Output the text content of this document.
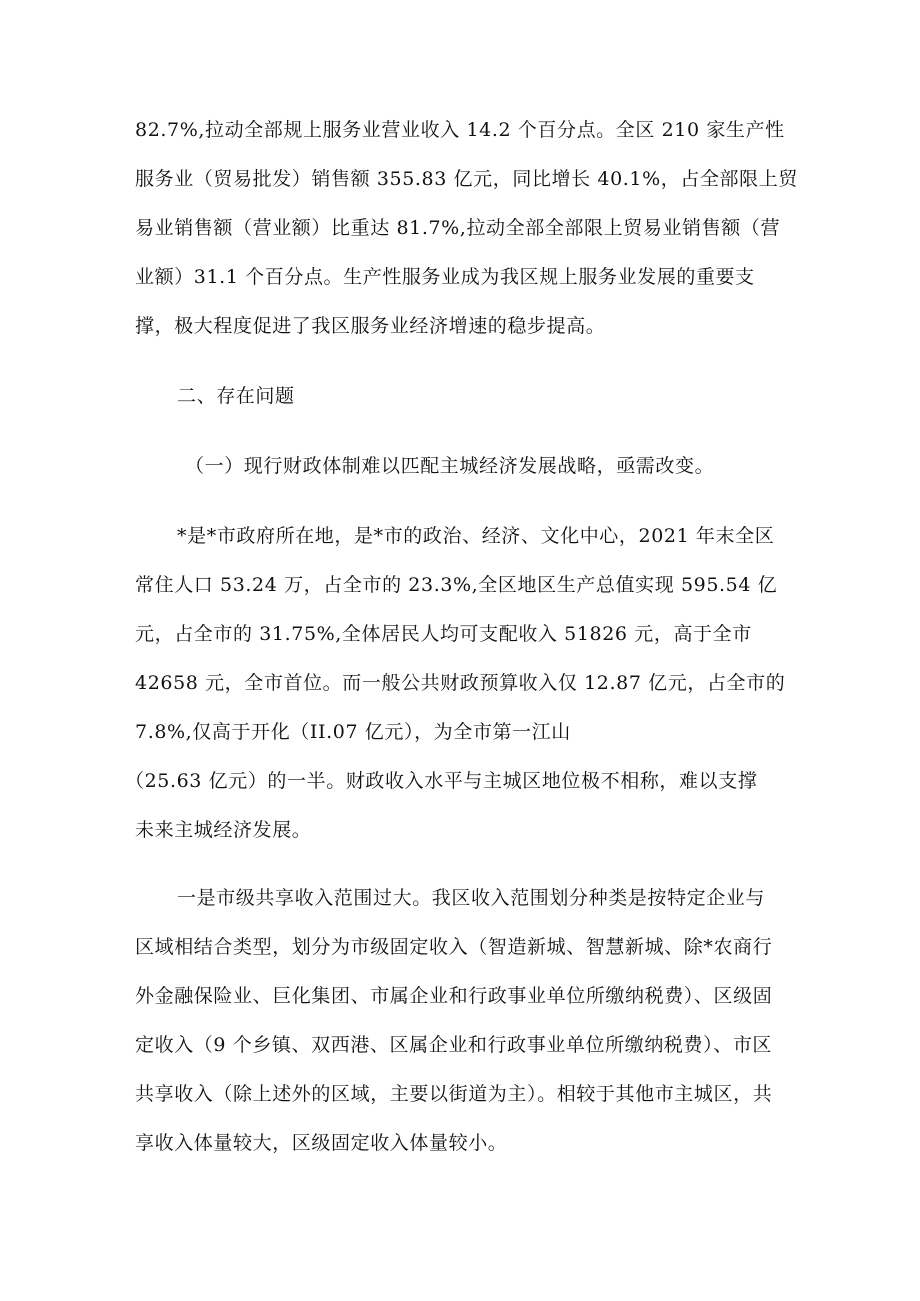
82.7%,拉动全部规上服务业营业收入 14.2 个百分点。全区 210 家生产性
服务业（贸易批发）销售额 355.83 亿元，同比增长 40.1%，占全部限上贸
易业销售额（营业额）比重达 81.7%,拉动全部全部限上贸易业销售额（营
业额）31.1 个百分点。生产性服务业成为我区规上服务业发展的重要支
撑，极大程度促进了我区服务业经济增速的稳步提高。
二、存在问题
（一）现行财政体制难以匹配主城经济发展战略，亟需改变。
*是*市政府所在地，是*市的政治、经济、文化中心，2021 年末全区
常住人口 53.24 万，占全市的 23.3%,全区地区生产总值实现 595.54 亿
元，占全市的 31.75%,全体居民人均可支配收入 51826 元，高于全市
42658 元，全市首位。而一般公共财政预算收入仅 12.87 亿元，占全市的
7.8%,仅高于开化（II.07 亿元），为全市第一江山
（25.63 亿元）的一半。财政收入水平与主城区地位极不相称，难以支撑
未来主城经济发展。
一是市级共享收入范围过大。我区收入范围划分种类是按特定企业与
区域相结合类型，划分为市级固定收入（智造新城、智慧新城、除*农商行
外金融保险业、巨化集团、市属企业和行政事业单位所缴纳税费）、区级固
定收入（9 个乡镇、双西港、区属企业和行政事业单位所缴纳税费）、市区
共享收入（除上述外的区域，主要以街道为主）。相较于其他市主城区，共
享收入体量较大，区级固定收入体量较小。
